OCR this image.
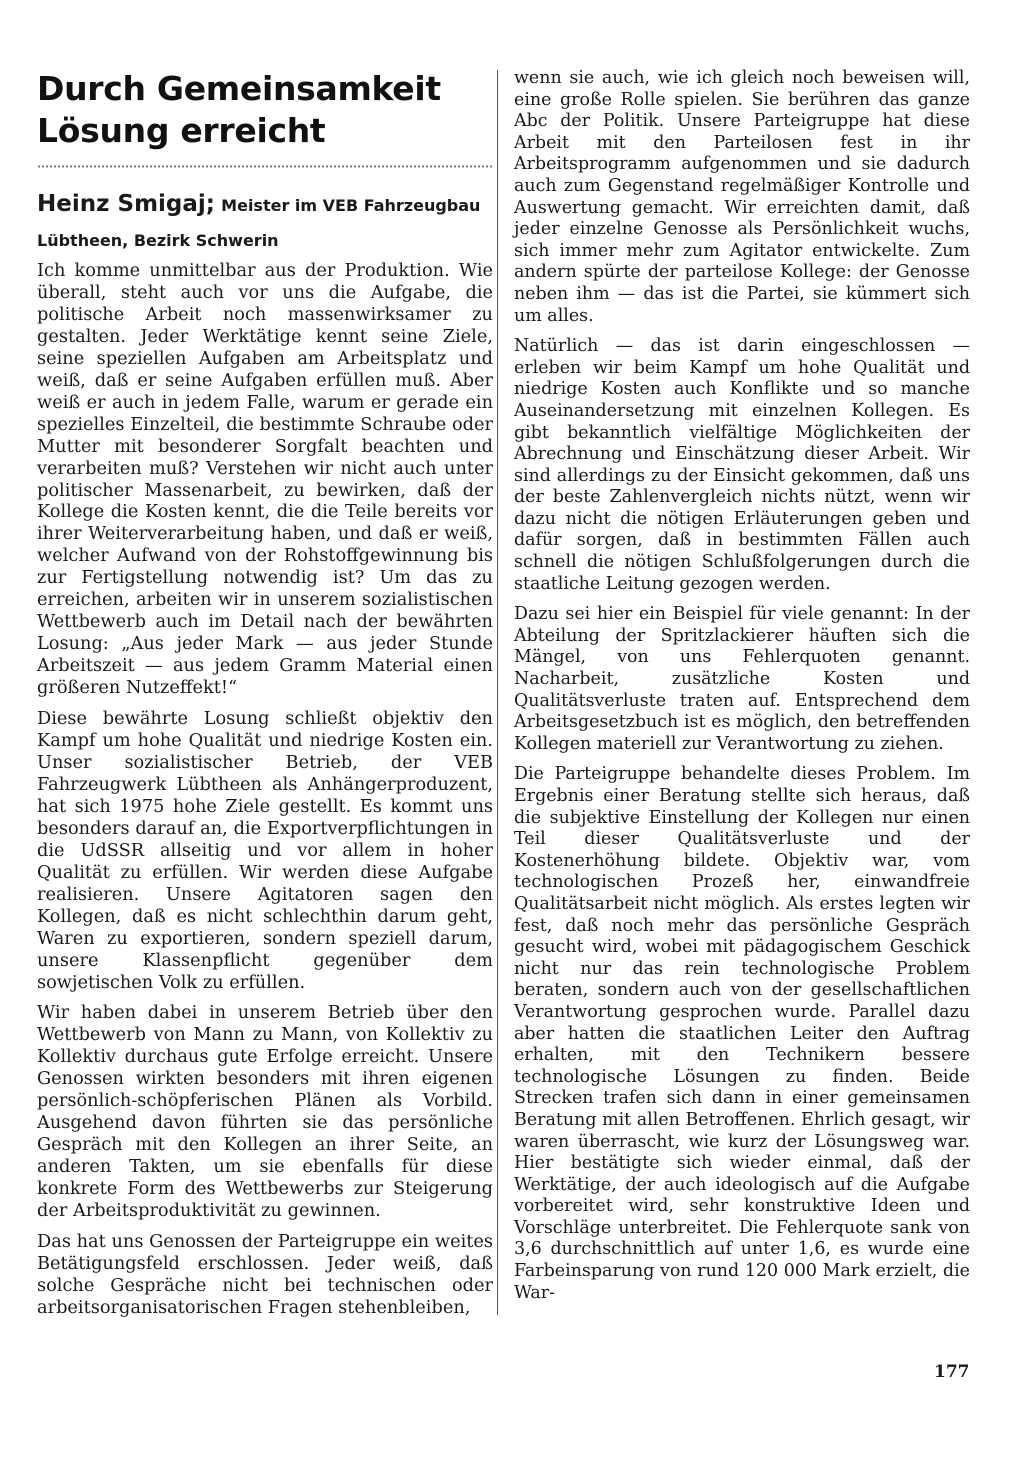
Durch Gemeinsamkeit
Lösung erreicht

Heinz Smigaj; Meister im VEB Fahrzeugbau

Lübtheen, Bezirk Schwerin

Ich komme unmittelbar aus der Produktion. Wie überall, steht auch vor uns die Aufgabe, die politische Arbeit noch massenwirksamer zu gestalten. Jeder Werktätige kennt seine Ziele, seine speziellen Aufgaben am Arbeitsplatz und weiß, daß er seine Aufgaben erfüllen muß. Aber weiß er auch in jedem Falle, warum er gerade ein spezielles Einzelteil, die bestimmte Schraube oder Mutter mit besonderer Sorgfalt beachten und verarbeiten muß? Verstehen wir nicht auch unter politischer Massenarbeit, zu bewirken, daß der Kollege die Kosten kennt, die die Teile bereits vor ihrer Weiterverarbeitung haben, und daß er weiß, welcher Aufwand von der Rohstoffgewinnung bis zur Fertigstellung notwendig ist? Um das zu erreichen, arbeiten wir in unserem sozialistischen Wettbewerb auch im Detail nach der bewährten Losung: „Aus jeder Mark — aus jeder Stunde Arbeitszeit — aus jedem Gramm Material einen größeren Nutzeffekt!“

Diese bewährte Losung schließt objektiv den Kampf um hohe Qualität und niedrige Kosten ein. Unser sozialistischer Betrieb, der VEB Fahrzeugwerk Lübtheen als Anhängerproduzent, hat sich 1975 hohe Ziele gestellt. Es kommt uns besonders darauf an, die Exportverpflichtungen in die UdSSR allseitig und vor allem in hoher Qualität zu erfüllen. Wir werden diese Aufgabe realisieren. Unsere Agitatoren sagen den Kollegen, daß es nicht schlechthin darum geht, Waren zu exportieren, sondern speziell darum, unsere Klassenpflicht gegenüber dem sowjetischen Volk zu erfüllen.

Wir haben dabei in unserem Betrieb über den Wettbewerb von Mann zu Mann, von Kollektiv zu Kollektiv durchaus gute Erfolge erreicht. Unsere Genossen wirkten besonders mit ihren eigenen persönlich-schöpferischen Plänen als Vorbild. Ausgehend davon führten sie das persönliche Gespräch mit den Kollegen an ihrer Seite, an anderen Takten, um sie ebenfalls für diese konkrete Form des Wettbewerbs zur Steigerung der Arbeitsproduktivität zu gewinnen.

Das hat uns Genossen der Parteigruppe ein weites Betätigungsfeld erschlossen. Jeder weiß, daß solche Gespräche nicht bei technischen oder arbeitsorganisatorischen Fragen stehenbleiben,

wenn sie auch, wie ich gleich noch beweisen will, eine große Rolle spielen. Sie berühren das ganze Abc der Politik. Unsere Parteigruppe hat diese Arbeit mit den Parteilosen fest in ihr Arbeitsprogramm aufgenommen und sie dadurch auch zum Gegenstand regelmäßiger Kontrolle und Auswertung gemacht. Wir erreichten damit, daß jeder einzelne Genosse als Persönlichkeit wuchs, sich immer mehr zum Agitator entwickelte. Zum andern spürte der parteilose Kollege: der Genosse neben ihm — das ist die Partei, sie kümmert sich um alles.

Natürlich — das ist darin eingeschlossen — erleben wir beim Kampf um hohe Qualität und niedrige Kosten auch Konflikte und so manche Auseinandersetzung mit einzelnen Kollegen. Es gibt bekanntlich vielfältige Möglichkeiten der Abrechnung und Einschätzung dieser Arbeit. Wir sind allerdings zu der Einsicht gekommen, daß uns der beste Zahlenvergleich nichts nützt, wenn wir dazu nicht die nötigen Erläuterungen geben und dafür sorgen, daß in bestimmten Fällen auch schnell die nötigen Schlußfolgerungen durch die staatliche Leitung gezogen werden.

Dazu sei hier ein Beispiel für viele genannt: In der Abteilung der Spritzlackierer häuften sich die Mängel, von uns Fehlerquoten genannt. Nacharbeit, zusätzliche Kosten und Qualitätsverluste traten auf. Entsprechend dem Arbeitsgesetzbuch ist es möglich, den betreffenden Kollegen materiell zur Verantwortung zu ziehen.

Die Parteigruppe behandelte dieses Problem. Im Ergebnis einer Beratung stellte sich heraus, daß die subjektive Einstellung der Kollegen nur einen Teil dieser Qualitätsverluste und der Kostenerhöhung bildete. Objektiv war, vom technologischen Prozeß her, einwandfreie Qualitätsarbeit nicht möglich. Als erstes legten wir fest, daß noch mehr das persönliche Gespräch gesucht wird, wobei mit pädagogischem Geschick nicht nur das rein technologische Problem beraten, sondern auch von der gesellschaftlichen Verantwortung gesprochen wurde. Parallel dazu aber hatten die staatlichen Leiter den Auftrag erhalten, mit den Technikern bessere technologische Lösungen zu finden. Beide Strecken trafen sich dann in einer gemeinsamen Beratung mit allen Betroffenen. Ehrlich gesagt, wir waren überrascht, wie kurz der Lösungsweg war. Hier bestätigte sich wieder einmal, daß der Werktätige, der auch ideologisch auf die Aufgabe vorbereitet wird, sehr konstruktive Ideen und Vorschläge unterbreitet. Die Fehlerquote sank von 3,6 durchschnittlich auf unter 1,6, es wurde eine Farbeinsparung von rund 120 000 Mark erzielt, die War-

177
